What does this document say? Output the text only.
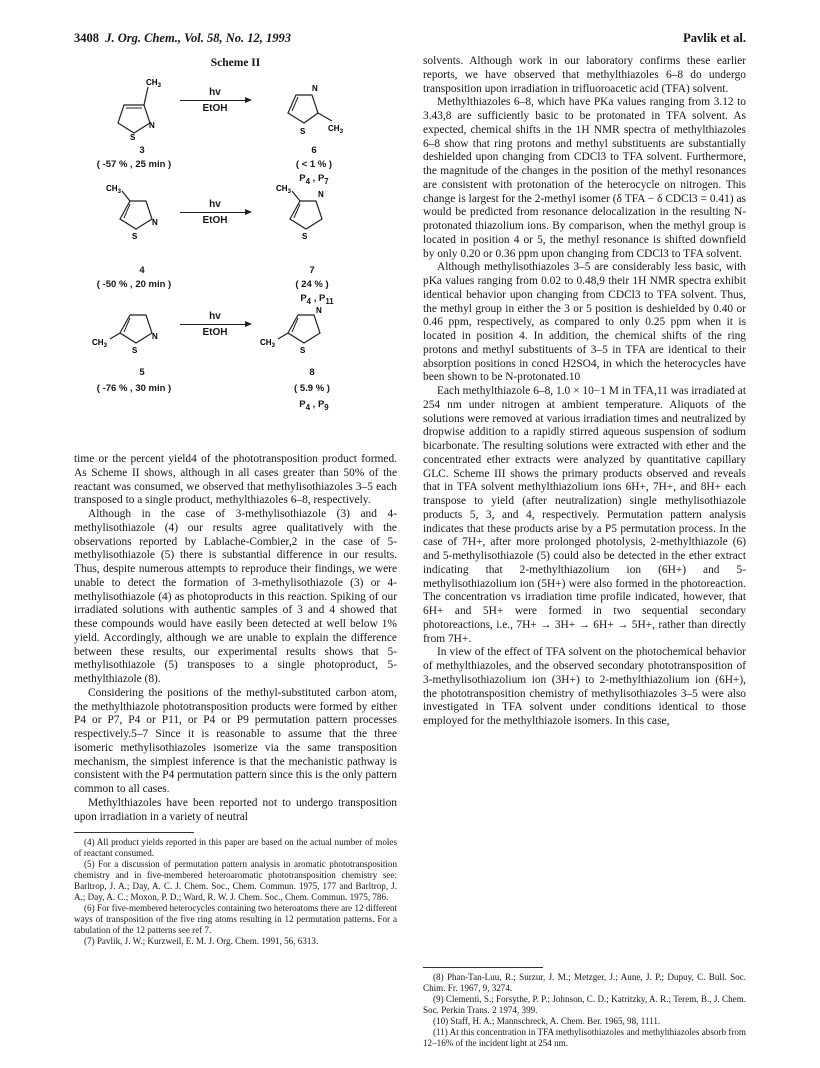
3408 J. Org. Chem., Vol. 58, No. 12, 1993	Pavlik et al.
Scheme II
$CH_3$
N
S
hv
EtOH
N
S	$CH_3$
3
( -57 % , 25 min )
6
( < 1 % )
$P_4$ , $P_7$
$CH_3$
N
S
hv
EtOH
$CH_3$	N
S
4
( -50 % , 20 min )
7
( 24 % )
$P_4$ , $P_{11}$
$CH_3$
N
S
hv
EtOH
$CH_3$
N
S
5
( -76 % , 30 min )
8
( 5.9 % )
$P_4$ , $P_9$

time or the percent yield4 of the phototransposition product formed. As Scheme II shows, although in all cases greater than 50% of the reactant was consumed, we observed that methylisothiazoles 3–5 each transposed to a single product, methylthiazoles 6–8, respectively.

Although in the case of 3-methylisothiazole (3) and 4-methylisothiazole (4) our results agree qualitatively with the observations reported by Lablache-Combier,2 in the case of 5-methylisothiazole (5) there is substantial difference in our results. Thus, despite numerous attempts to reproduce their findings, we were unable to detect the formation of 3-methylisothiazole (3) or 4-methylisothiazole (4) as photoproducts in this reaction. Spiking of our irradiated solutions with authentic samples of 3 and 4 showed that these compounds would have easily been detected at well below 1% yield. Accordingly, although we are unable to explain the difference between these results, our experimental results shows that 5-methylisothiazole (5) transposes to a single photoproduct, 5-methylthiazole (8).

Considering the positions of the methyl-substituted carbon atom, the methylthiazole phototransposition products were formed by either P4 or P7, P4 or P11, or P4 or P9 permutation pattern processes respectively.5–7 Since it is reasonable to assume that the three isomeric methylisothiazoles isomerize via the same transposition mechanism, the simplest inference is that the mechanistic pathway is consistent with the P4 permutation pattern since this is the only pattern common to all cases.

Methylthiazoles have been reported not to undergo transposition upon irradiation in a variety of neutral

(4) All product yields reported in this paper are based on the actual number of moles of reactant consumed.

(5) For a discussion of permutation pattern analysis in aromatic phototransposition chemistry and in five-membered heteroaromatic phototransposition chemistry see: Barltrop, J. A.; Day, A. C. J. Chem. Soc., Chem. Commun. 1975, 177 and Barltrop, J. A.; Day, A. C.; Moxon, P. D.; Ward, R. W. J. Chem. Soc., Chem. Commun. 1975, 786.

(6) For five-membered heterocycles containing two heteroatoms there are 12 different ways of transposition of the five ring atoms resulting in 12 permutation patterns. For a tabulation of the 12 patterns see ref 7.

(7) Pavlik, J. W.; Kurzweil, E. M. J. Org. Chem. 1991, 56, 6313.

solvents. Although work in our laboratory confirms these earlier reports, we have observed that methylthiazoles 6–8 do undergo transposition upon irradiation in trifluoroacetic acid (TFA) solvent.

Methylthiazoles 6–8, which have PKa values ranging from 3.12 to 3.43,8 are sufficiently basic to be protonated in TFA solvent. As expected, chemical shifts in the 1H NMR spectra of methylthiazoles 6–8 show that ring protons and methyl substituents are substantially deshielded upon changing from CDCl3 to TFA solvent. Furthermore, the magnitude of the changes in the position of the methyl resonances are consistent with protonation of the heterocycle on nitrogen. This change is largest for the 2-methyl isomer (δ TFA − δ CDCl3 = 0.41) as would be predicted from resonance delocalization in the resulting N-protonated thiazolium ions. By comparison, when the methyl group is located in position 4 or 5, the methyl resonance is shifted downfield by only 0.20 or 0.36 ppm upon changing from CDCl3 to TFA solvent.

Although methylisothiazoles 3–5 are considerably less basic, with pKa values ranging from 0.02 to 0.48,9 their 1H NMR spectra exhibit identical behavior upon changing from CDCl3 to TFA solvent. Thus, the methyl group in either the 3 or 5 position is deshielded by 0.40 or 0.46 ppm, respectively, as compared to only 0.25 ppm when it is located in position 4. In addition, the chemical shifts of the ring protons and methyl substituents of 3–5 in TFA are identical to their absorption positions in concd H2SO4, in which the heterocycles have been shown to be N-protonated.10

Each methylthiazole 6–8, 1.0 × 10−1 M in TFA,11 was irradiated at 254 nm under nitrogen at ambient temperature. Aliquots of the solutions were removed at various irradiation times and neutralized by dropwise addition to a rapidly stirred aqueous suspension of sodium bicarbonate. The resulting solutions were extracted with ether and the concentrated ether extracts were analyzed by quantitative capillary GLC. Scheme III shows the primary products observed and reveals that in TFA solvent methylthiazolium ions 6H+, 7H+, and 8H+ each transpose to yield (after neutralization) single methylisothiazole products 5, 3, and 4, respectively. Permutation pattern analysis indicates that these products arise by a P5 permutation process. In the case of 7H+, after more prolonged photolysis, 2-methylthiazole (6) and 5-methylisothiazole (5) could also be detected in the ether extract indicating that 2-methylthiazolium ion (6H+) and 5-methylisothiazolium ion (5H+) were also formed in the photoreaction. The concentration vs irradiation time profile indicated, however, that 6H+ and 5H+ were formed in two sequential secondary photoreactions, i.e., 7H+ → 3H+ → 6H+ → 5H+, rather than directly from 7H+.

In view of the effect of TFA solvent on the photochemical behavior of methylthiazoles, and the observed secondary phototransposition of 3-methylisothiazolium ion (3H+) to 2-methylthiazolium ion (6H+), the phototransposition chemistry of methylisothiazoles 3–5 were also investigated in TFA solvent under conditions identical to those employed for the methylthiazole isomers. In this case,

(8) Phan-Tan-Luu, R.; Surzur, J. M.; Metzger, J.; Aune, J. P.; Dupuy, C. Bull. Soc. Chim. Fr. 1967, 9, 3274.

(9) Clementi, S.; Forsythe, P. P.; Johnson, C. D.; Katritzky, A. R.; Terem, B., J. Chem. Soc. Perkin Trans. 2 1974, 399.

(10) Staff, H. A.; Mannschreck, A. Chem. Ber. 1965, 98, 1111.

(11) At this concentration in TFA methylisothiazoles and methylthiazoles absorb from 12–16% of the incident light at 254 nm.
